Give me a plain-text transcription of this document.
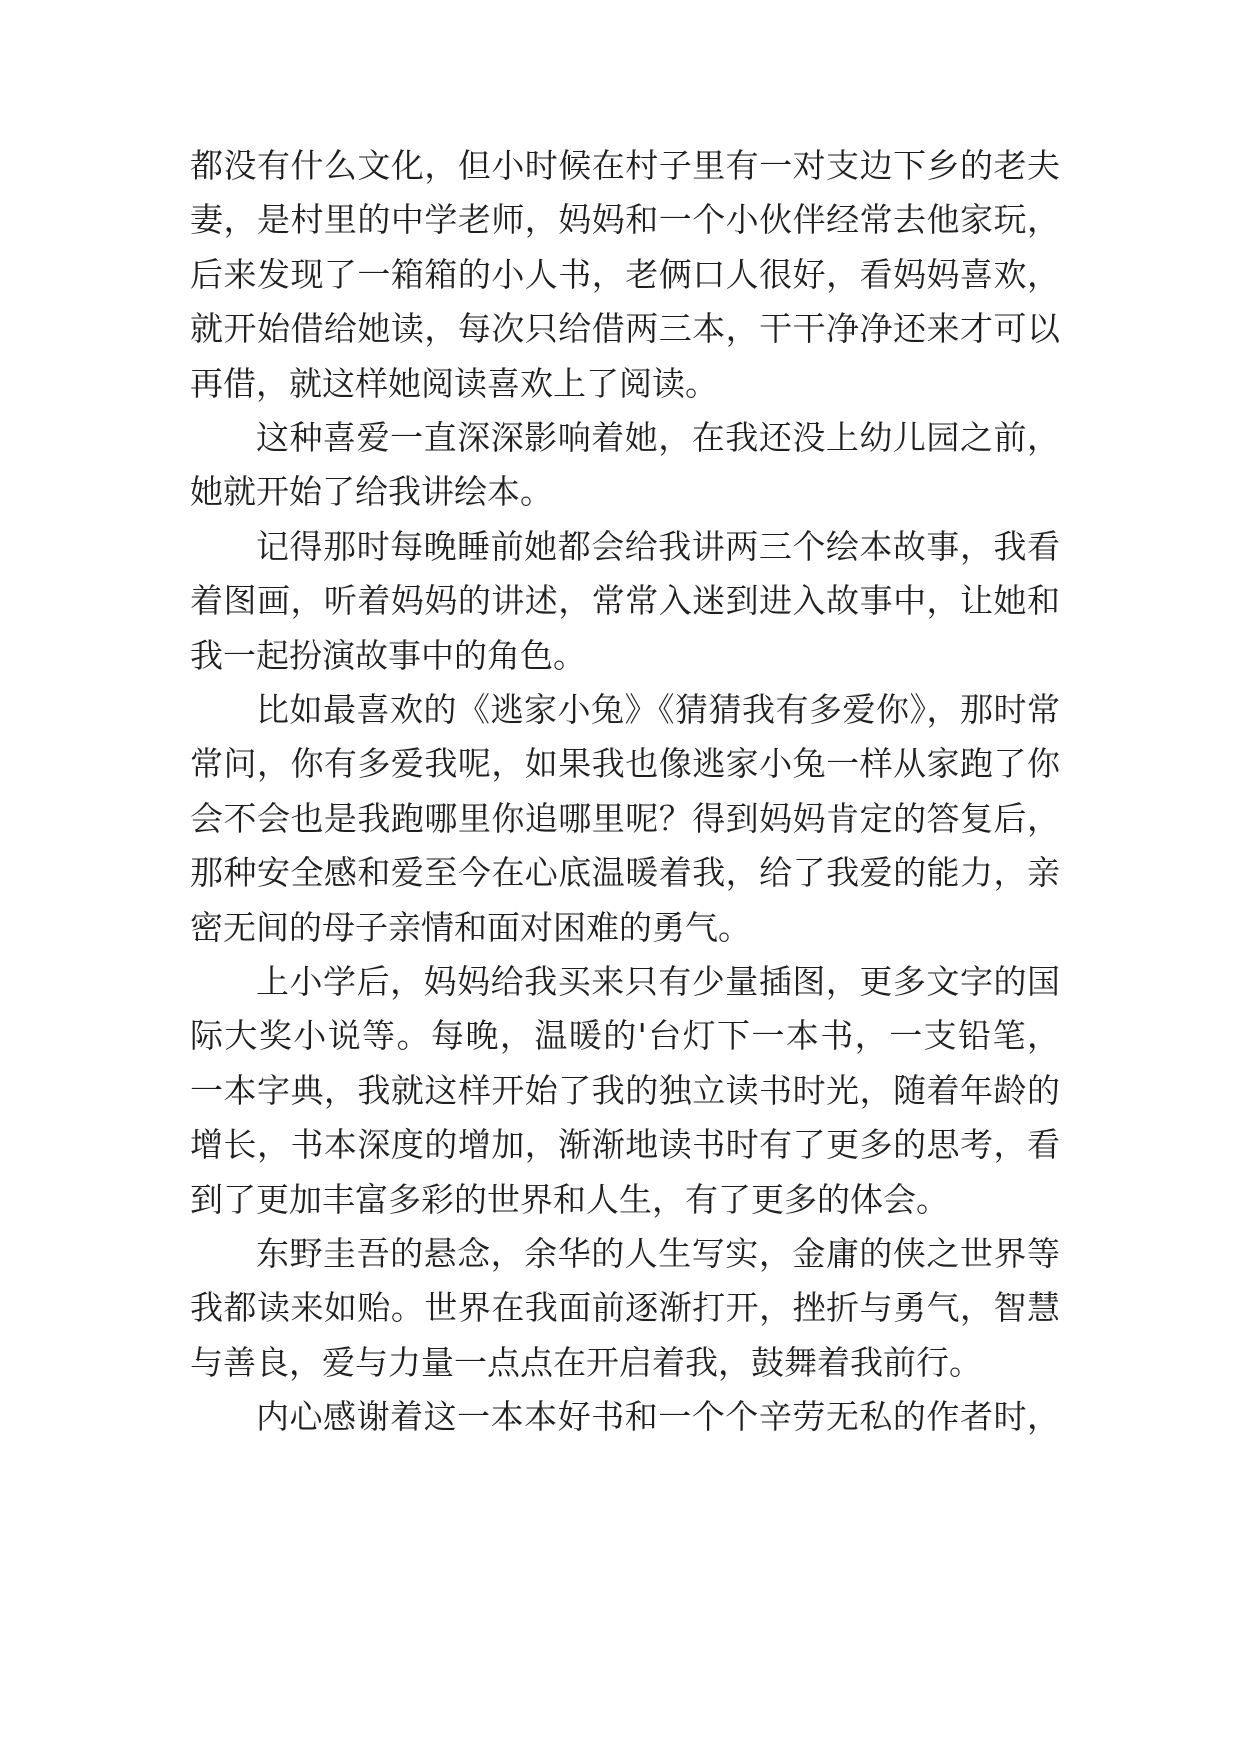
都没有什么文化，但小时候在村子里有一对支边下乡的老夫
妻，是村里的中学老师，妈妈和一个小伙伴经常去他家玩，
后来发现了一箱箱的小人书，老俩口人很好，看妈妈喜欢，
就开始借给她读，每次只给借两三本，干干净净还来才可以
再借，就这样她阅读喜欢上了阅读。
这种喜爱一直深深影响着她，在我还没上幼儿园之前，
她就开始了给我讲绘本。
记得那时每晚睡前她都会给我讲两三个绘本故事，我看
着图画，听着妈妈的讲述，常常入迷到进入故事中，让她和
我一起扮演故事中的角色。
比如最喜欢的《逃家小兔》《猜猜我有多爱你》，那时常
常问，你有多爱我呢，如果我也像逃家小兔一样从家跑了你
会不会也是我跑哪里你追哪里呢？得到妈妈肯定的答复后，
那种安全感和爱至今在心底温暖着我，给了我爱的能力，亲
密无间的母子亲情和面对困难的勇气。
上小学后，妈妈给我买来只有少量插图，更多文字的国
际大奖小说等。每晚，温暖的'台灯下一本书，一支铅笔，
一本字典，我就这样开始了我的独立读书时光，随着年龄的
增长，书本深度的增加，渐渐地读书时有了更多的思考，看
到了更加丰富多彩的世界和人生，有了更多的体会。
东野圭吾的悬念，余华的人生写实，金庸的侠之世界等
我都读来如贻。世界在我面前逐渐打开，挫折与勇气，智慧
与善良，爱与力量一点点在开启着我，鼓舞着我前行。
内心感谢着这一本本好书和一个个辛劳无私的作者时，
